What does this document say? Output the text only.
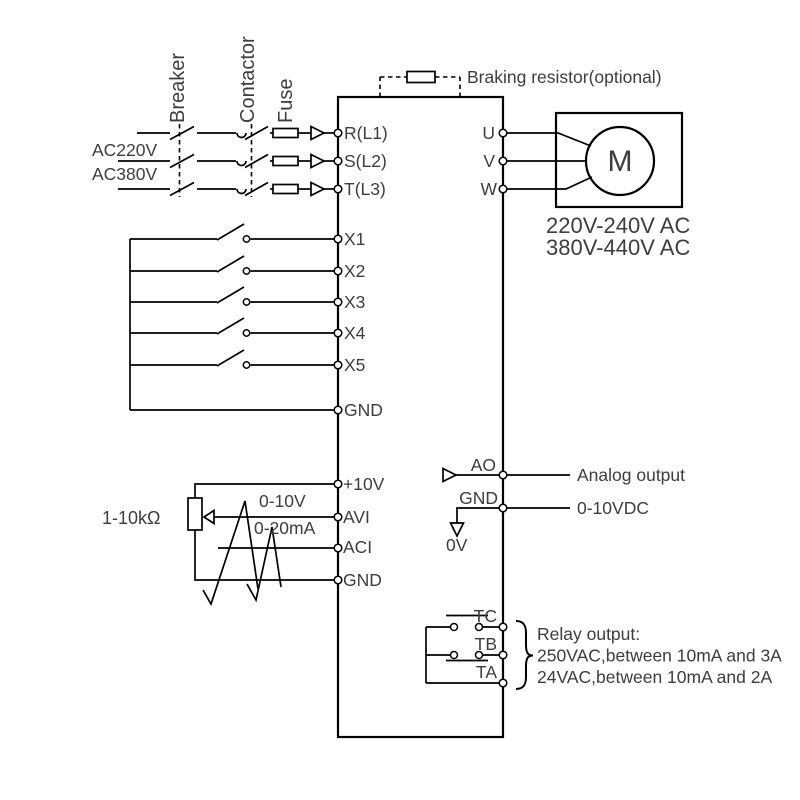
Braking resistor(optional)
Breaker Contactor Fuse
AC220V
AC380V
R(L1)
S(L2)
T(L3)
U
V
W
M
220V-240V AC
380V-440V AC
X1
X2
X3
X4
X5
GND
1-10kΩ
0-10V
0-20mA
+10V
AVI
ACI
GND
AO	Analog output
GND	0-10VDC
0V
TC
TB
TA
Relay output:
250VAC,between 10mA and 3A
24VAC,between 10mA and 2A
